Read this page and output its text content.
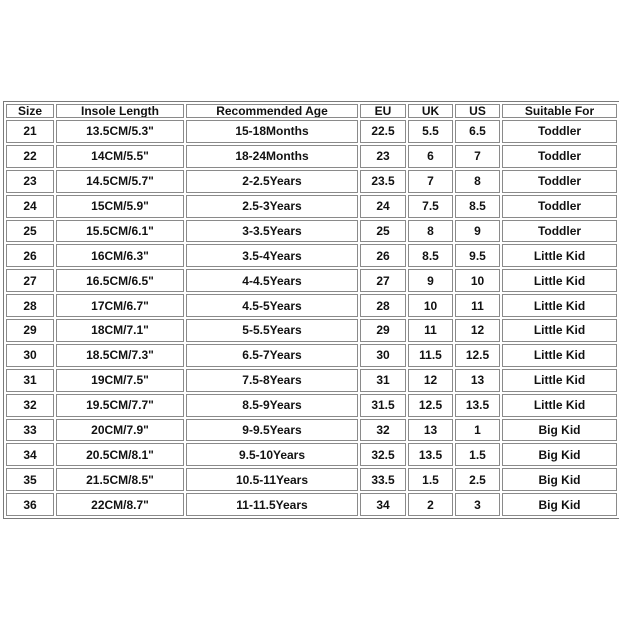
Size	Insole Length	Recommended Age	EU	UK	US	Suitable For
21	13.5CM/5.3"	15-18Months	22.5	5.5	6.5	Toddler
22	14CM/5.5"	18-24Months	23	6	7	Toddler
23	14.5CM/5.7"	2-2.5Years	23.5	7	8	Toddler
24	15CM/5.9"	2.5-3Years	24	7.5	8.5	Toddler
25	15.5CM/6.1"	3-3.5Years	25	8	9	Toddler
26	16CM/6.3"	3.5-4Years	26	8.5	9.5	Little Kid
27	16.5CM/6.5"	4-4.5Years	27	9	10	Little Kid
28	17CM/6.7"	4.5-5Years	28	10	11	Little Kid
29	18CM/7.1"	5-5.5Years	29	11	12	Little Kid
30	18.5CM/7.3"	6.5-7Years	30	11.5	12.5	Little Kid
31	19CM/7.5"	7.5-8Years	31	12	13	Little Kid
32	19.5CM/7.7"	8.5-9Years	31.5	12.5	13.5	Little Kid
33	20CM/7.9"	9-9.5Years	32	13	1	Big Kid
34	20.5CM/8.1"	9.5-10Years	32.5	13.5	1.5	Big Kid
35	21.5CM/8.5"	10.5-11Years	33.5	1.5	2.5	Big Kid
36	22CM/8.7"	11-11.5Years	34	2	3	Big Kid
